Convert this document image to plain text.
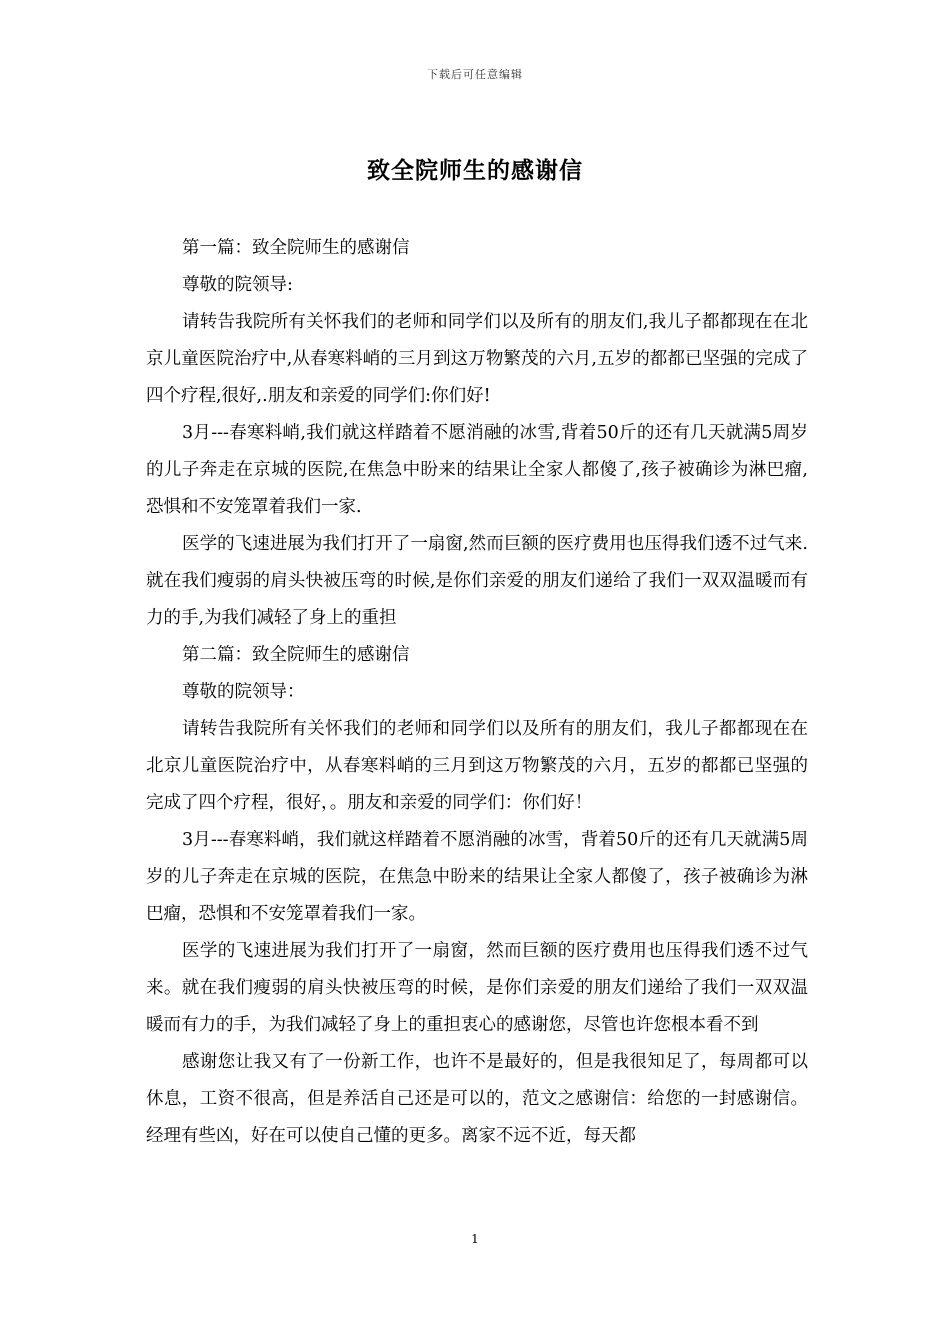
下载后可任意编辑
致全院师生的感谢信

第一篇：致全院师生的感谢信

尊敬的院领导:

请转告我院所有关怀我们的老师和同学们以及所有的朋友们,我儿子都都现在在北京儿童医院治疗中,从春寒料峭的三月到这万物繁茂的六月,五岁的都都已坚强的完成了四个疗程,很好,.朋友和亲爱的同学们:你们好!

3月---春寒料峭,我们就这样踏着不愿消融的冰雪,背着50斤的还有几天就满5周岁的儿子奔走在京城的医院,在焦急中盼来的结果让全家人都傻了,孩子被确诊为淋巴瘤,恐惧和不安笼罩着我们一家.

医学的飞速进展为我们打开了一扇窗,然而巨额的医疗费用也压得我们透不过气来.就在我们瘦弱的肩头快被压弯的时候,是你们亲爱的朋友们递给了我们一双双温暖而有力的手,为我们减轻了身上的重担

第二篇：致全院师生的感谢信

尊敬的院领导：

请转告我院所有关怀我们的老师和同学们以及所有的朋友们，我儿子都都现在在北京儿童医院治疗中，从春寒料峭的三月到这万物繁茂的六月，五岁的都都已坚强的完成了四个疗程，很好，。朋友和亲爱的同学们：你们好！

3月---春寒料峭，我们就这样踏着不愿消融的冰雪，背着50斤的还有几天就满5周岁的儿子奔走在京城的医院，在焦急中盼来的结果让全家人都傻了，孩子被确诊为淋巴瘤，恐惧和不安笼罩着我们一家。

医学的飞速进展为我们打开了一扇窗，然而巨额的医疗费用也压得我们透不过气来。就在我们瘦弱的肩头快被压弯的时候，是你们亲爱的朋友们递给了我们一双双温暖而有力的手，为我们减轻了身上的重担衷心的感谢您，尽管也许您根本看不到

感谢您让我又有了一份新工作，也许不是最好的，但是我很知足了，每周都可以休息，工资不很高，但是养活自己还是可以的，范文之感谢信：给您的一封感谢信。经理有些凶，好在可以使自己懂的更多。离家不远不近，每天都

1
